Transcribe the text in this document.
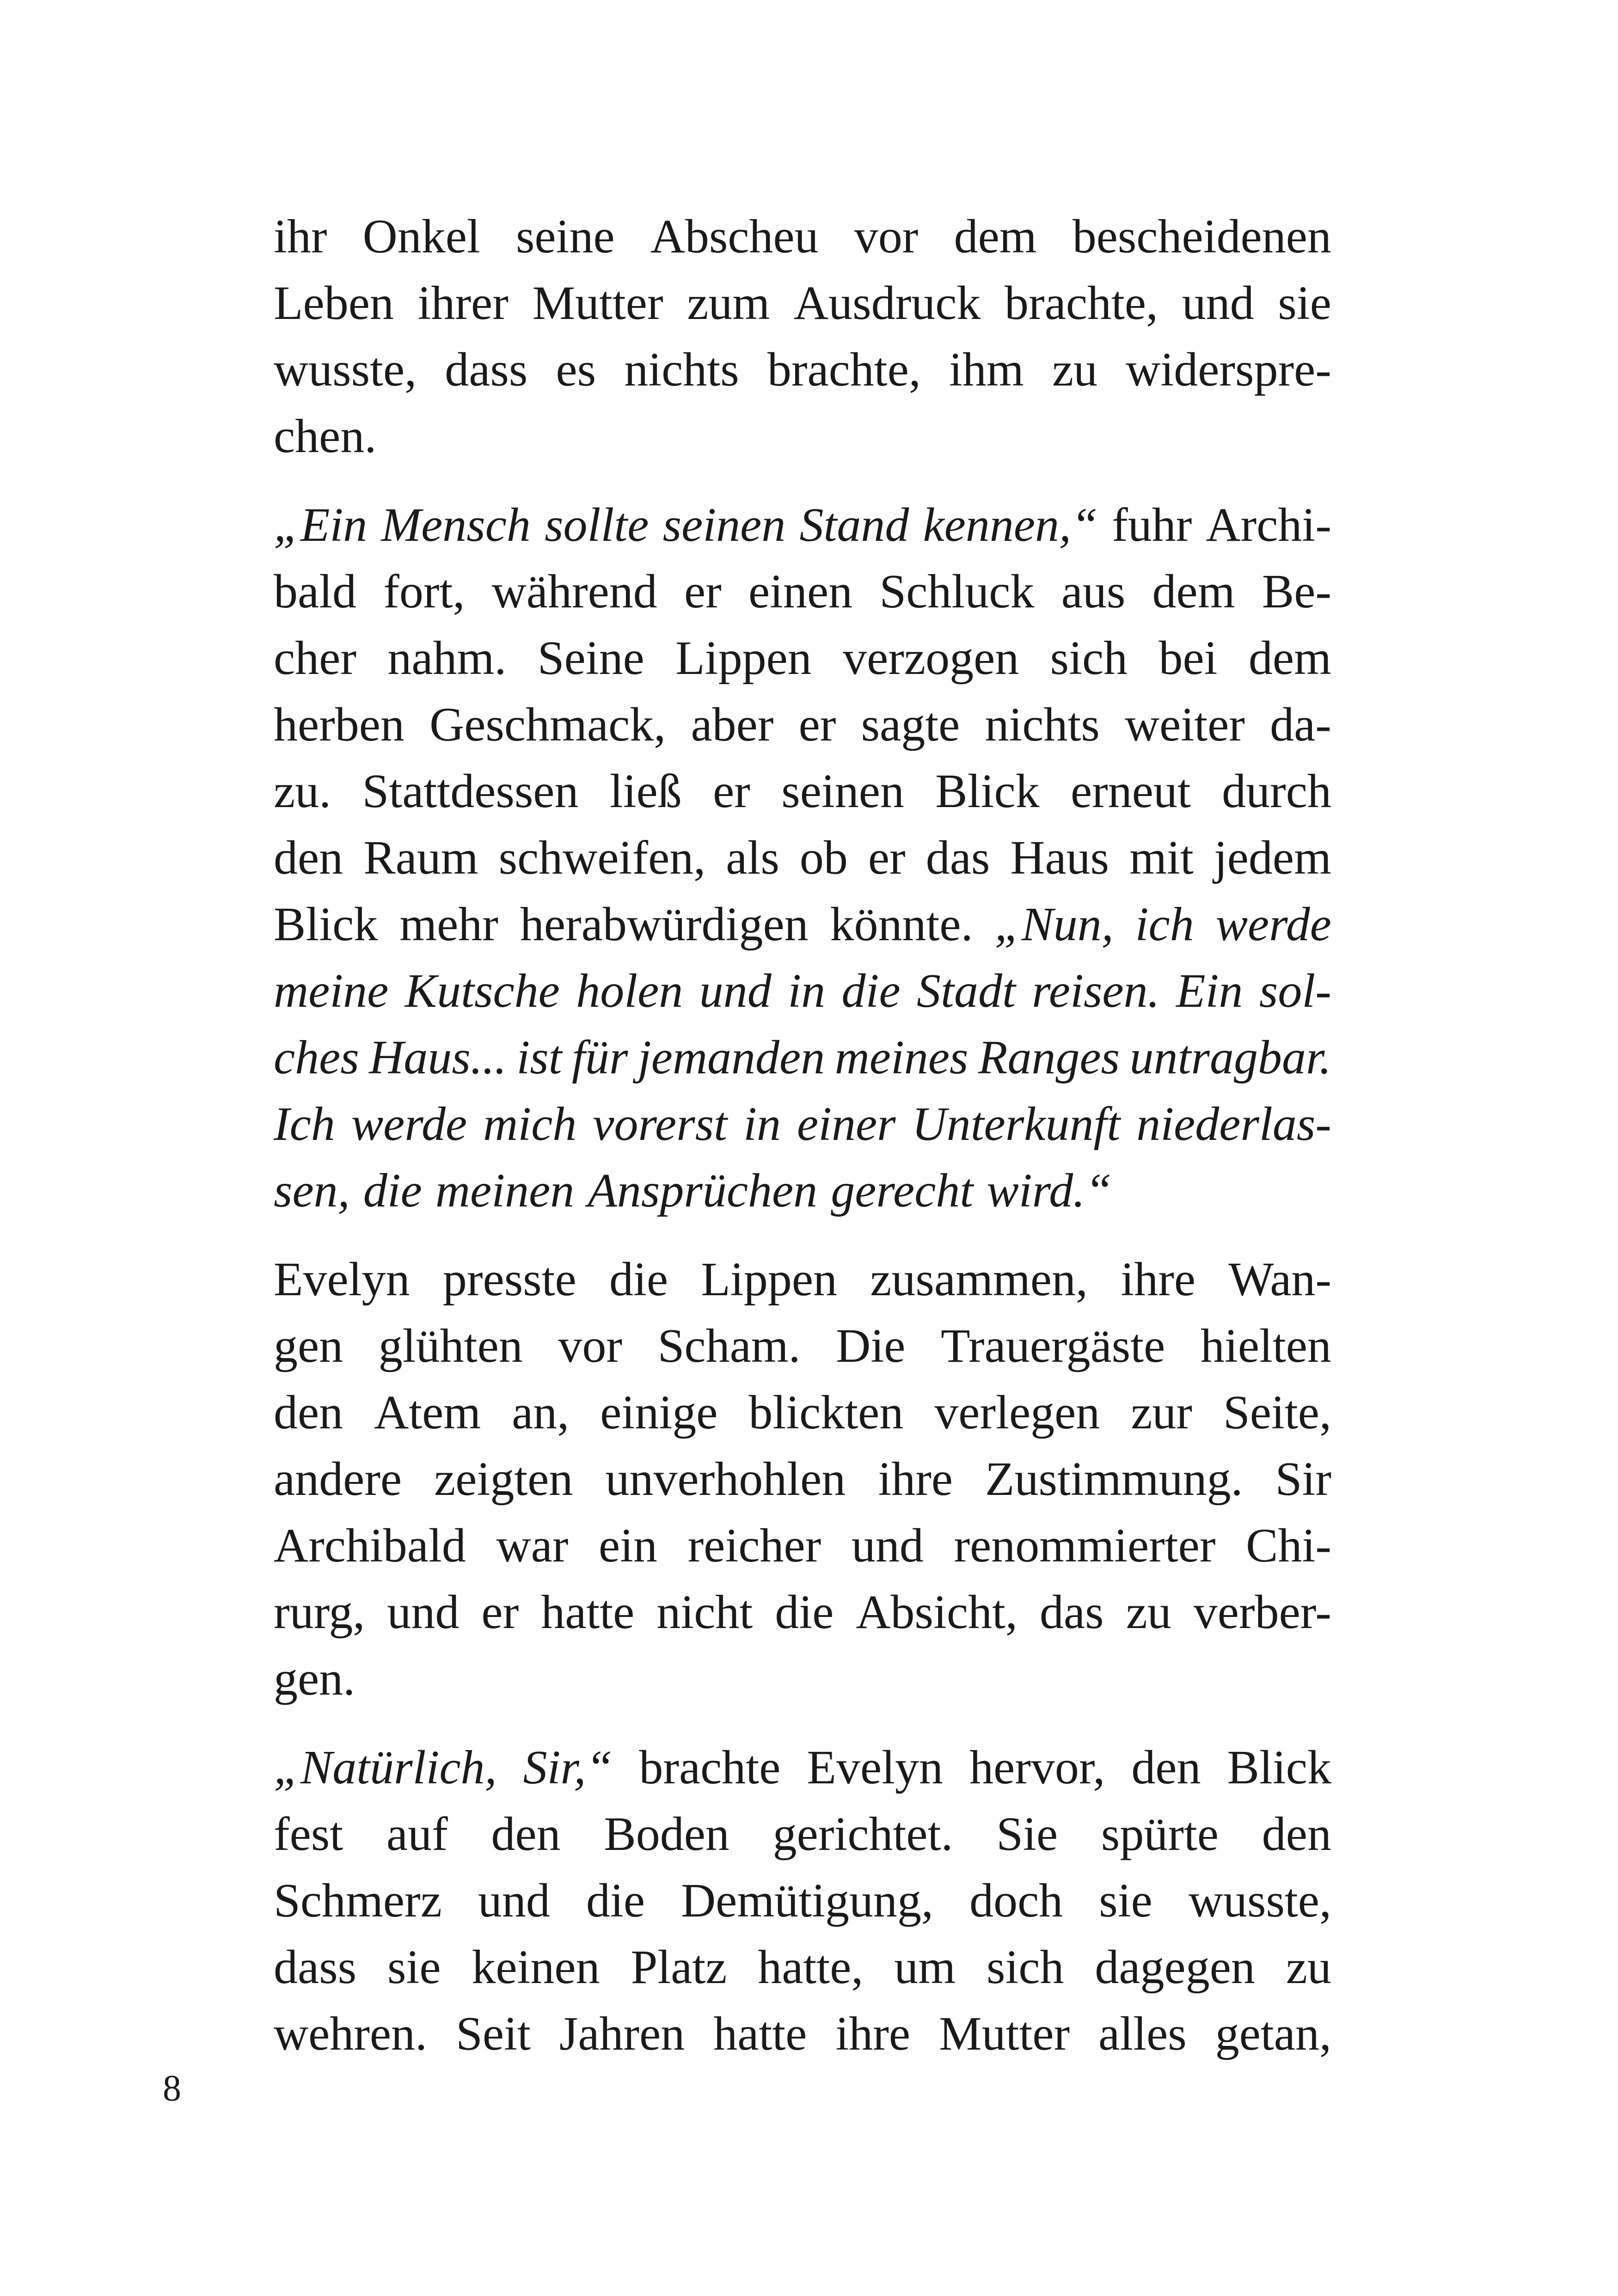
ihr Onkel seine Abscheu vor dem bescheidenen
Leben ihrer Mutter zum Ausdruck brachte, und sie
wusste, dass es nichts brachte, ihm zu widerspre-
chen.
„Ein Mensch sollte seinen Stand kennen,“ fuhr Archi-
bald fort, während er einen Schluck aus dem Be-
cher nahm. Seine Lippen verzogen sich bei dem
herben Geschmack, aber er sagte nichts weiter da-
zu. Stattdessen ließ er seinen Blick erneut durch
den Raum schweifen, als ob er das Haus mit jedem
Blick mehr herabwürdigen könnte. „Nun, ich werde
meine Kutsche holen und in die Stadt reisen. Ein sol-
ches Haus... ist für jemanden meines Ranges untragbar.
Ich werde mich vorerst in einer Unterkunft niederlas-
sen, die meinen Ansprüchen gerecht wird.“
Evelyn presste die Lippen zusammen, ihre Wan-
gen glühten vor Scham. Die Trauergäste hielten
den Atem an, einige blickten verlegen zur Seite,
andere zeigten unverhohlen ihre Zustimmung. Sir
Archibald war ein reicher und renommierter Chi-
rurg, und er hatte nicht die Absicht, das zu verber-
gen.
„Natürlich, Sir,“ brachte Evelyn hervor, den Blick
fest auf den Boden gerichtet. Sie spürte den
Schmerz und die Demütigung, doch sie wusste,
dass sie keinen Platz hatte, um sich dagegen zu
wehren. Seit Jahren hatte ihre Mutter alles getan,
8
